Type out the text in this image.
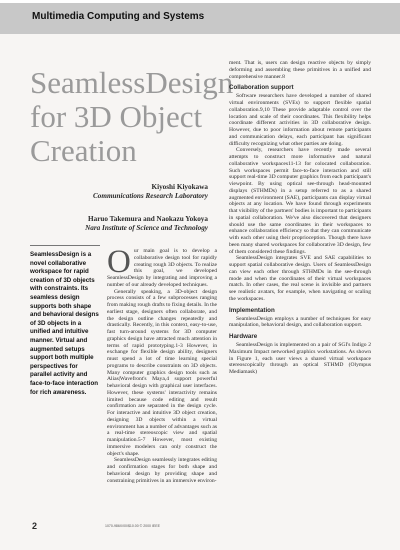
Multimedia Computing and Systems
SeamlessDesign for 3D Object Creation
Kiyoshi Kiyokawa
Communications Research Laboratory
Haruo Takemura and Naokazu Yokoya
Nara Institute of Science and Technology
SeamlessDesign is a novel collaborative workspace for rapid creation of 3D objects with constraints. Its seamless design supports both shape and behavioral designs of 3D objects in a unified and intuitive manner. Virtual and augmented setups support both multiple perspectives for parallel activity and face-to-face interaction for rich awareness.

Our main goal is to develop a collaborative design tool for rapidly creating rough 3D objects. To realize this goal, we developed SeamlessDesign by integrating and improving a number of our already developed techniques.

Generally speaking, a 3D-object design process consists of a few subprocesses ranging from making rough drafts to fixing details. In the earliest stage, designers often collaborate, and the design outline changes repeatedly and drastically. Recently, in this context, easy-to-use, fast turn-around systems for 3D computer graphics design have attracted much attention in terms of rapid prototyping.1-3 However, in exchange for flexible design ability, designers must spend a lot of time learning special programs to describe constraints on 3D objects. Many computer graphics design tools such as Alias|Wavefront's Maya,4 support powerful behavioral design with graphical user interfaces. However, these systems' interactivity remains limited because code editing and result confirmation are separated in the design cycle. For interactive and intuitive 3D object creation, designing 3D objects within a virtual environment has a number of advantages such as a real-time stereoscopic view and spatial manipulation.5-7 However, most existing immersive modelers can only construct the object's shape.

SeamlessDesign seamlessly integrates editing and confirmation stages for both shape and behavioral design by providing shape and constraining primitives in an immersive environ-

ment. That is, users can design reactive objects by simply deforming and assembling these primitives in a unified and comprehensive manner.8

Collaboration support

Software researchers have developed a number of shared virtual environments (SVEs) to support flexible spatial collaboration.9,10 These provide adaptable control over the location and scale of their coordinates. This flexibility helps coordinate different activities in 3D collaborative design. However, due to poor information about remote participants and communication delays, each participant has significant difficulty recognizing what other parties are doing.

Conversely, researchers have recently made several attempts to construct more informative and natural collaborative workspaces11-13 for colocated collaboration. Such workspaces permit face-to-face interaction and still support real-time 3D computer graphics from each participant's viewpoint. By using optical see-through head-mounted displays (STHMDs) in a setup referred to as a shared augmented environment (SAE), participants can display virtual objects at any location. We have found through experiments that visibility of the partners' bodies is important to participants in spatial collaboration. We've also discovered that designers should use the same coordinates in their workspaces to enhance collaboration efficiency so that they can communicate with each other using their proprioception. Though there have been many shared workspaces for collaborative 3D design, few of them considered these findings.

SeamlessDesign integrates SVE and SAE capabilities to support spatial collaborative design. Users of SeamlessDesign can view each other through STHMDs in the see-through mode and when the coordinates of their virtual workspaces match. In other cases, the real scene is invisible and partners see realistic avatars, for example, when navigating or scaling the workspaces.

Implementation

SeamlessDesign employs a number of techniques for easy manipulation, behavioral design, and collaboration support.

Hardware

SeamlessDesign is implemented on a pair of SGI's Indigo 2 Maximum Impact networked graphics workstations. As shown in Figure 1, each user views a shared virtual workspace stereoscopically through an optical STHMD (Olympus Mediamask)

2	1070-986X/00/$10.00 © 2000 IEEE
